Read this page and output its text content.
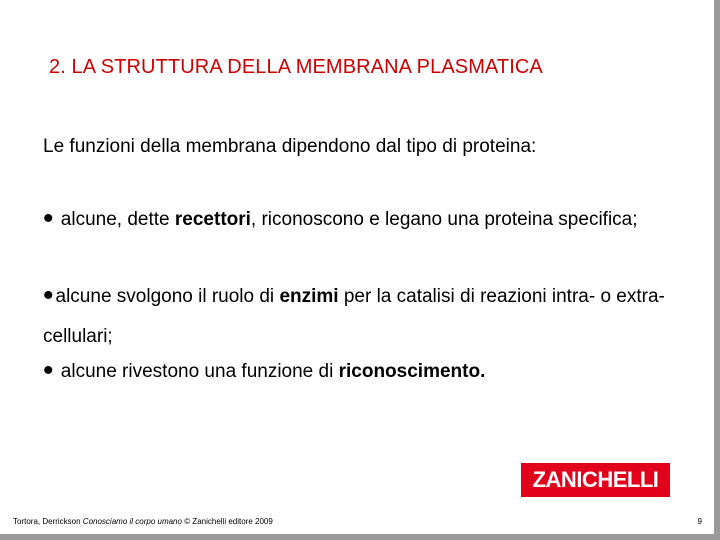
2. LA STRUTTURA DELLA MEMBRANA PLASMATICA
Le funzioni della membrana dipendono dal tipo di proteina:
• alcune, dette recettori, riconoscono e legano una proteina specifica;
• alcune svolgono il ruolo di enzimi per la catalisi di reazioni intra- o extra-cellulari;
• alcune rivestono una funzione di riconoscimento.
ZANICHELLI
Tortora, Derrickson Conosciamo il corpo umano © Zanichelli editore 2009	9
